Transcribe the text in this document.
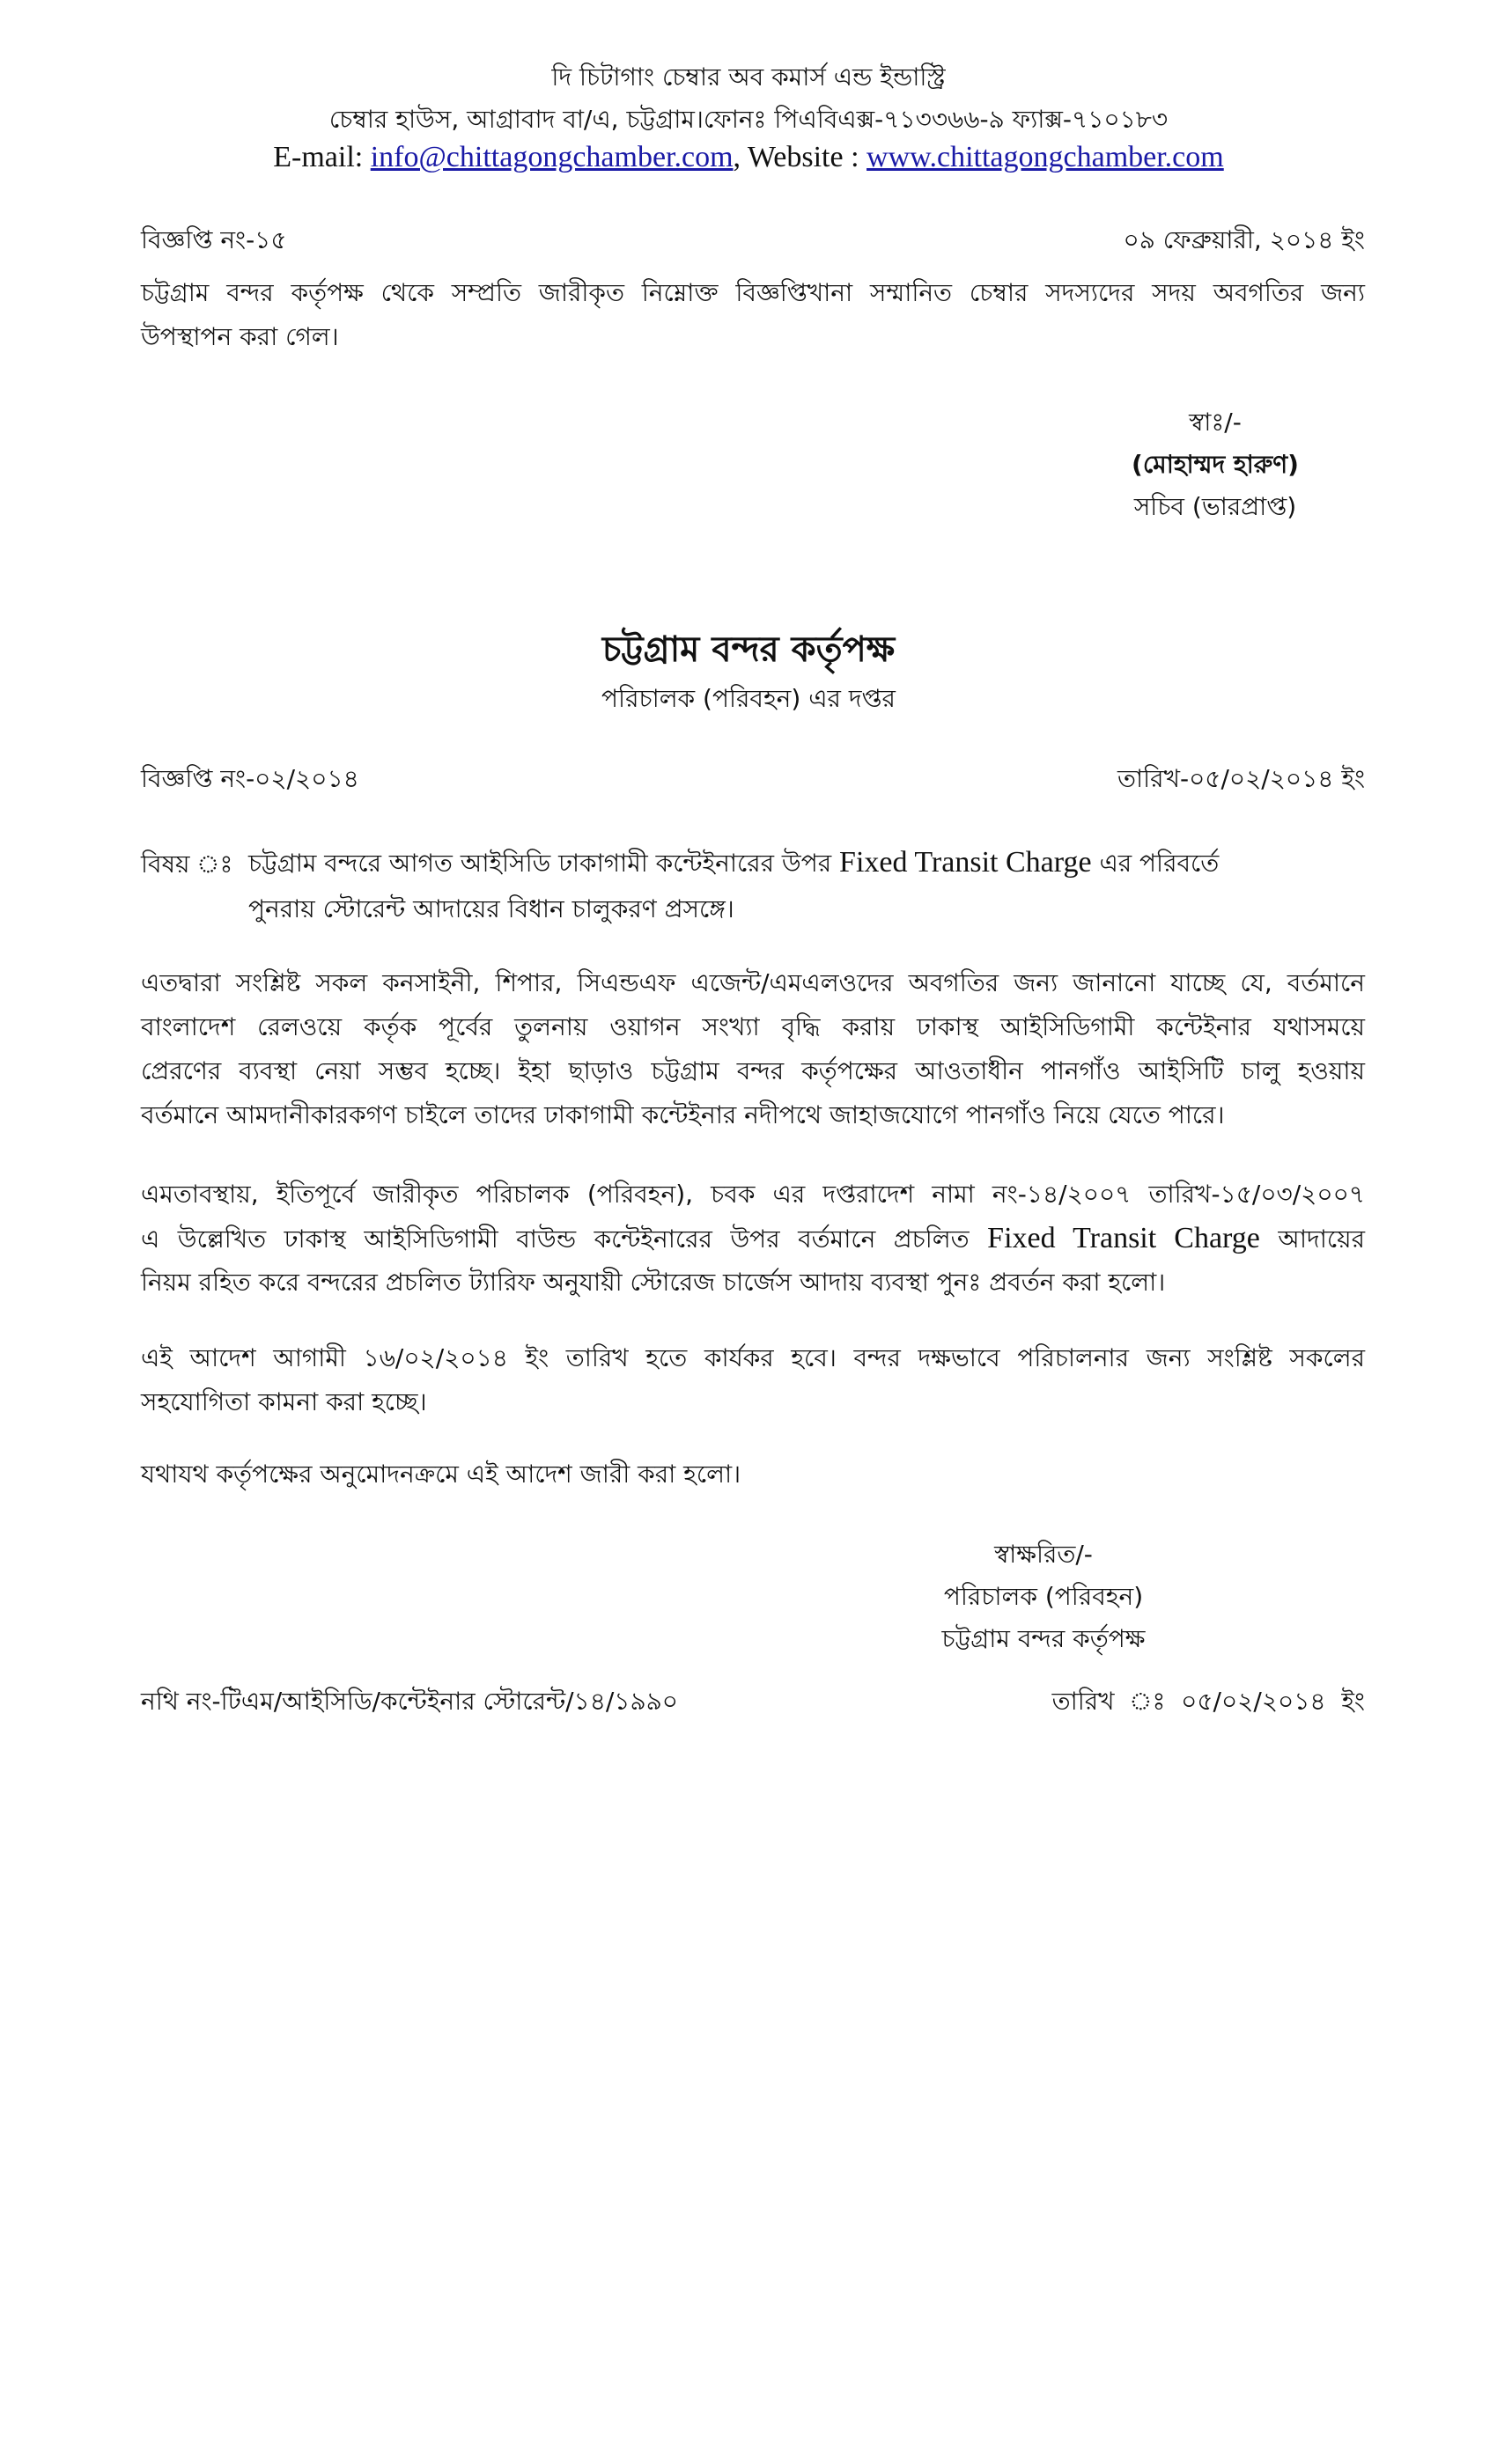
দি চিটাগাং চেম্বার অব কমার্স এন্ড ইন্ডাস্ট্রি
চেম্বার হাউস, আগ্রাবাদ বা/এ, চট্টগ্রাম।ফোনঃ পিএবিএক্স-৭১৩৩৬৬-৯ ফ্যাক্স-৭১০১৮৩
E-mail: info@chittagongchamber.com, Website : www.chittagongchamber.com
বিজ্ঞপ্তি নং-১৫	০৯ ফেব্রুয়ারী, ২০১৪ ইং
চট্টগ্রাম বন্দর কর্তৃপক্ষ থেকে সম্প্রতি জারীকৃত নিম্নোক্ত বিজ্ঞপ্তিখানা সম্মানিত চেম্বার সদস্যদের সদয় অবগতির জন্য
উপস্থাপন করা গেল।
স্বাঃ/-
(মোহাম্মদ হারুণ)
সচিব (ভারপ্রাপ্ত)
চট্টগ্রাম বন্দর কর্তৃপক্ষ
পরিচালক (পরিবহন) এর দপ্তর
বিজ্ঞপ্তি নং-০২/২০১৪	তারিখ-০৫/০২/২০১৪ ইং
বিষয় ঃ চট্টগ্রাম বন্দরে আগত আইসিডি ঢাকাগামী কন্টেইনারের উপর Fixed Transit Charge এর পরিবর্তে
পুনরায় স্টোরেন্ট আদায়ের বিধান চালুকরণ প্রসঙ্গে।
এতদ্বারা সংশ্লিষ্ট সকল কনসাইনী, শিপার, সিএন্ডএফ এজেন্ট/এমএলওদের অবগতির জন্য জানানো যাচ্ছে যে, বর্তমানে
বাংলাদেশ রেলওয়ে কর্তৃক পূর্বের তুলনায় ওয়াগন সংখ্যা বৃদ্ধি করায় ঢাকাস্থ আইসিডিগামী কন্টেইনার যথাসময়ে
প্রেরণের ব্যবস্থা নেয়া সম্ভব হচ্ছে। ইহা ছাড়াও চট্টগ্রাম বন্দর কর্তৃপক্ষের আওতাধীন পানগাঁও আইসিটি চালু হওয়ায়
বর্তমানে আমদানীকারকগণ চাইলে তাদের ঢাকাগামী কন্টেইনার নদীপথে জাহাজযোগে পানগাঁও নিয়ে যেতে পারে।
এমতাবস্থায়, ইতিপূর্বে জারীকৃত পরিচালক (পরিবহন), চবক এর দপ্তরাদেশ নামা নং-১৪/২০০৭ তারিখ-১৫/০৩/২০০৭
এ উল্লেখিত ঢাকাস্থ আইসিডিগামী বাউন্ড কন্টেইনারের উপর বর্তমানে প্রচলিত Fixed Transit Charge আদায়ের
নিয়ম রহিত করে বন্দরের প্রচলিত ট্যারিফ অনুযায়ী স্টোরেজ চার্জেস আদায় ব্যবস্থা পুনঃ প্রবর্তন করা হলো।
এই আদেশ আগামী ১৬/০২/২০১৪ ইং তারিখ হতে কার্যকর হবে। বন্দর দক্ষভাবে পরিচালনার জন্য সংশ্লিষ্ট সকলের
সহযোগিতা কামনা করা হচ্ছে।
যথাযথ কর্তৃপক্ষের অনুমোদনক্রমে এই আদেশ জারী করা হলো।
স্বাক্ষরিত/-
পরিচালক (পরিবহন)
চট্টগ্রাম বন্দর কর্তৃপক্ষ
নথি নং-টিএম/আইসিডি/কন্টেইনার স্টোরেন্ট/১৪/১৯৯০	তারিখ  ঃ  ০৫/০২/২০১৪  ইং
